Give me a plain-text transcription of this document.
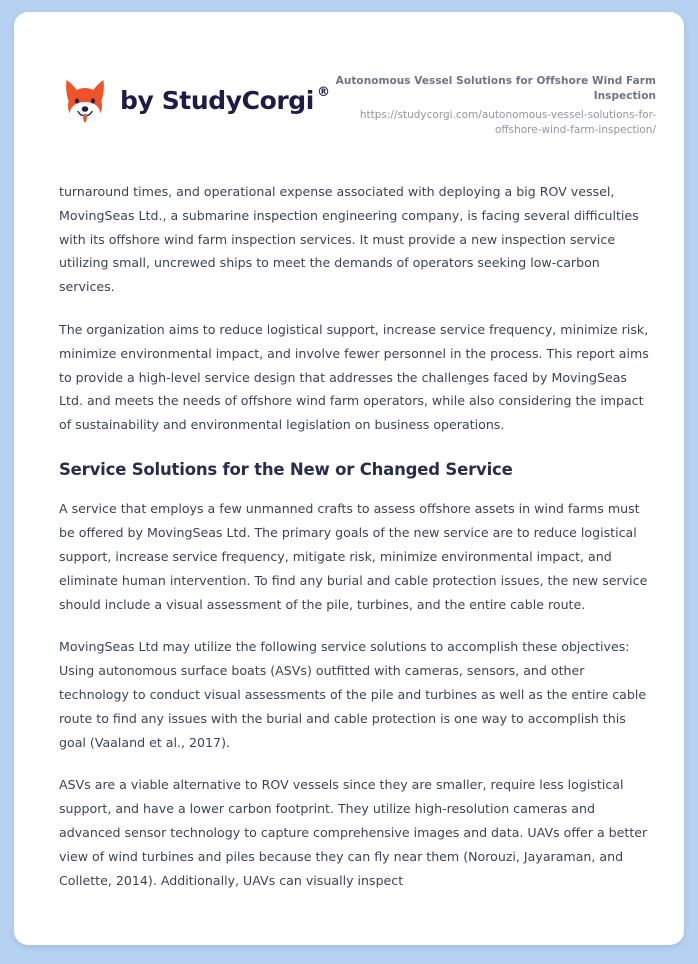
by StudyCorgi ®
Autonomous Vessel Solutions for Offshore Wind Farm Inspection
https://studycorgi.com/autonomous-vessel-solutions-for-offshore-wind-farm-inspection/

turnaround times, and operational expense associated with deploying a big ROV vessel, MovingSeas Ltd., a submarine inspection engineering company, is facing several difficulties with its offshore wind farm inspection services. It must provide a new inspection service utilizing small, uncrewed ships to meet the demands of operators seeking low-carbon services.

The organization aims to reduce logistical support, increase service frequency, minimize risk, minimize environmental impact, and involve fewer personnel in the process. This report aims to provide a high-level service design that addresses the challenges faced by MovingSeas Ltd. and meets the needs of offshore wind farm operators, while also considering the impact of sustainability and environmental legislation on business operations.

Service Solutions for the New or Changed Service

A service that employs a few unmanned crafts to assess offshore assets in wind farms must be offered by MovingSeas Ltd. The primary goals of the new service are to reduce logistical support, increase service frequency, mitigate risk, minimize environmental impact, and eliminate human intervention. To find any burial and cable protection issues, the new service should include a visual assessment of the pile, turbines, and the entire cable route.

MovingSeas Ltd may utilize the following service solutions to accomplish these objectives: Using autonomous surface boats (ASVs) outfitted with cameras, sensors, and other technology to conduct visual assessments of the pile and turbines as well as the entire cable route to find any issues with the burial and cable protection is one way to accomplish this goal (Vaaland et al., 2017).

ASVs are a viable alternative to ROV vessels since they are smaller, require less logistical support, and have a lower carbon footprint. They utilize high-resolution cameras and advanced sensor technology to capture comprehensive images and data. UAVs offer a better view of wind turbines and piles because they can fly near them (Norouzi, Jayaraman, and Collette, 2014). Additionally, UAVs can visually inspect
